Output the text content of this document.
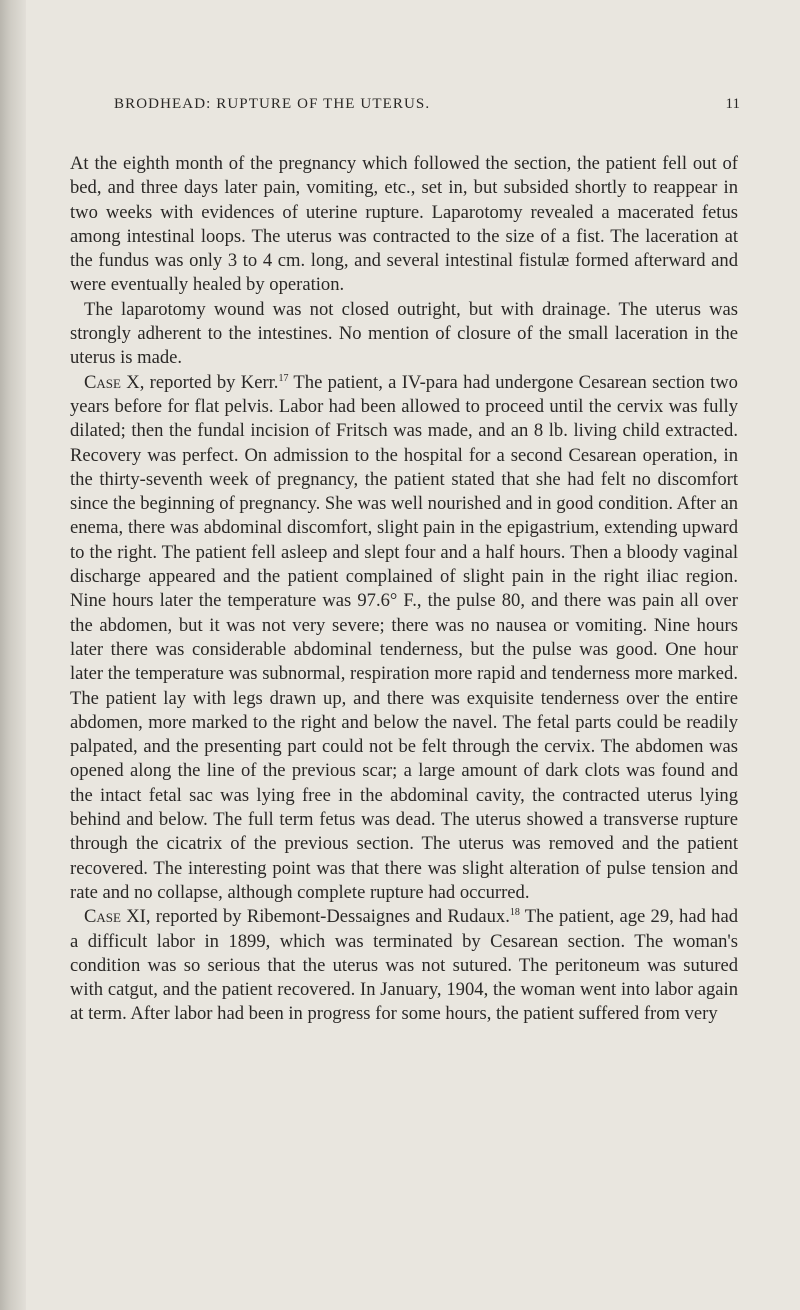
BRODHEAD: RUPTURE OF THE UTERUS.	11

At the eighth month of the pregnancy which followed the section, the patient fell out of bed, and three days later pain, vomiting, etc., set in, but subsided shortly to reappear in two weeks with evidences of uterine rupture. Laparotomy revealed a macerated fetus among intestinal loops. The uterus was contracted to the size of a fist. The laceration at the fundus was only 3 to 4 cm. long, and several intestinal fistulæ formed afterward and were eventually healed by operation.

The laparotomy wound was not closed outright, but with drainage. The uterus was strongly adherent to the intestines. No mention of closure of the small laceration in the uterus is made.

Case X, reported by Kerr.$^{17}$ The patient, a IV-para had undergone Cesarean section two years before for flat pelvis. Labor had been allowed to proceed until the cervix was fully dilated; then the fundal incision of Fritsch was made, and an 8 lb. living child extracted. Recovery was perfect. On admission to the hospital for a second Cesarean operation, in the thirty-seventh week of pregnancy, the patient stated that she had felt no discomfort since the beginning of pregnancy. She was well nourished and in good condition. After an enema, there was abdominal discomfort, slight pain in the epigastrium, extending upward to the right. The patient fell asleep and slept four and a half hours. Then a bloody vaginal discharge appeared and the patient complained of slight pain in the right iliac region. Nine hours later the temperature was 97.6° F., the pulse 80, and there was pain all over the abdomen, but it was not very severe; there was no nausea or vomiting. Nine hours later there was considerable abdominal tenderness, but the pulse was good. One hour later the temperature was subnormal, respiration more rapid and tenderness more marked. The patient lay with legs drawn up, and there was exquisite tenderness over the entire abdomen, more marked to the right and below the navel. The fetal parts could be readily palpated, and the presenting part could not be felt through the cervix. The abdomen was opened along the line of the previous scar; a large amount of dark clots was found and the intact fetal sac was lying free in the abdominal cavity, the contracted uterus lying behind and below. The full term fetus was dead. The uterus showed a transverse rupture through the cicatrix of the previous section. The uterus was removed and the patient recovered. The interesting point was that there was slight alteration of pulse tension and rate and no collapse, although complete rupture had occurred.

Case XI, reported by Ribemont-Dessaignes and Rudaux.$^{18}$ The patient, age 29, had had a difficult labor in 1899, which was terminated by Cesarean section. The woman's condition was so serious that the uterus was not sutured. The peritoneum was sutured with catgut, and the patient recovered. In January, 1904, the woman went into labor again at term. After labor had been in progress for some hours, the patient suffered from very
